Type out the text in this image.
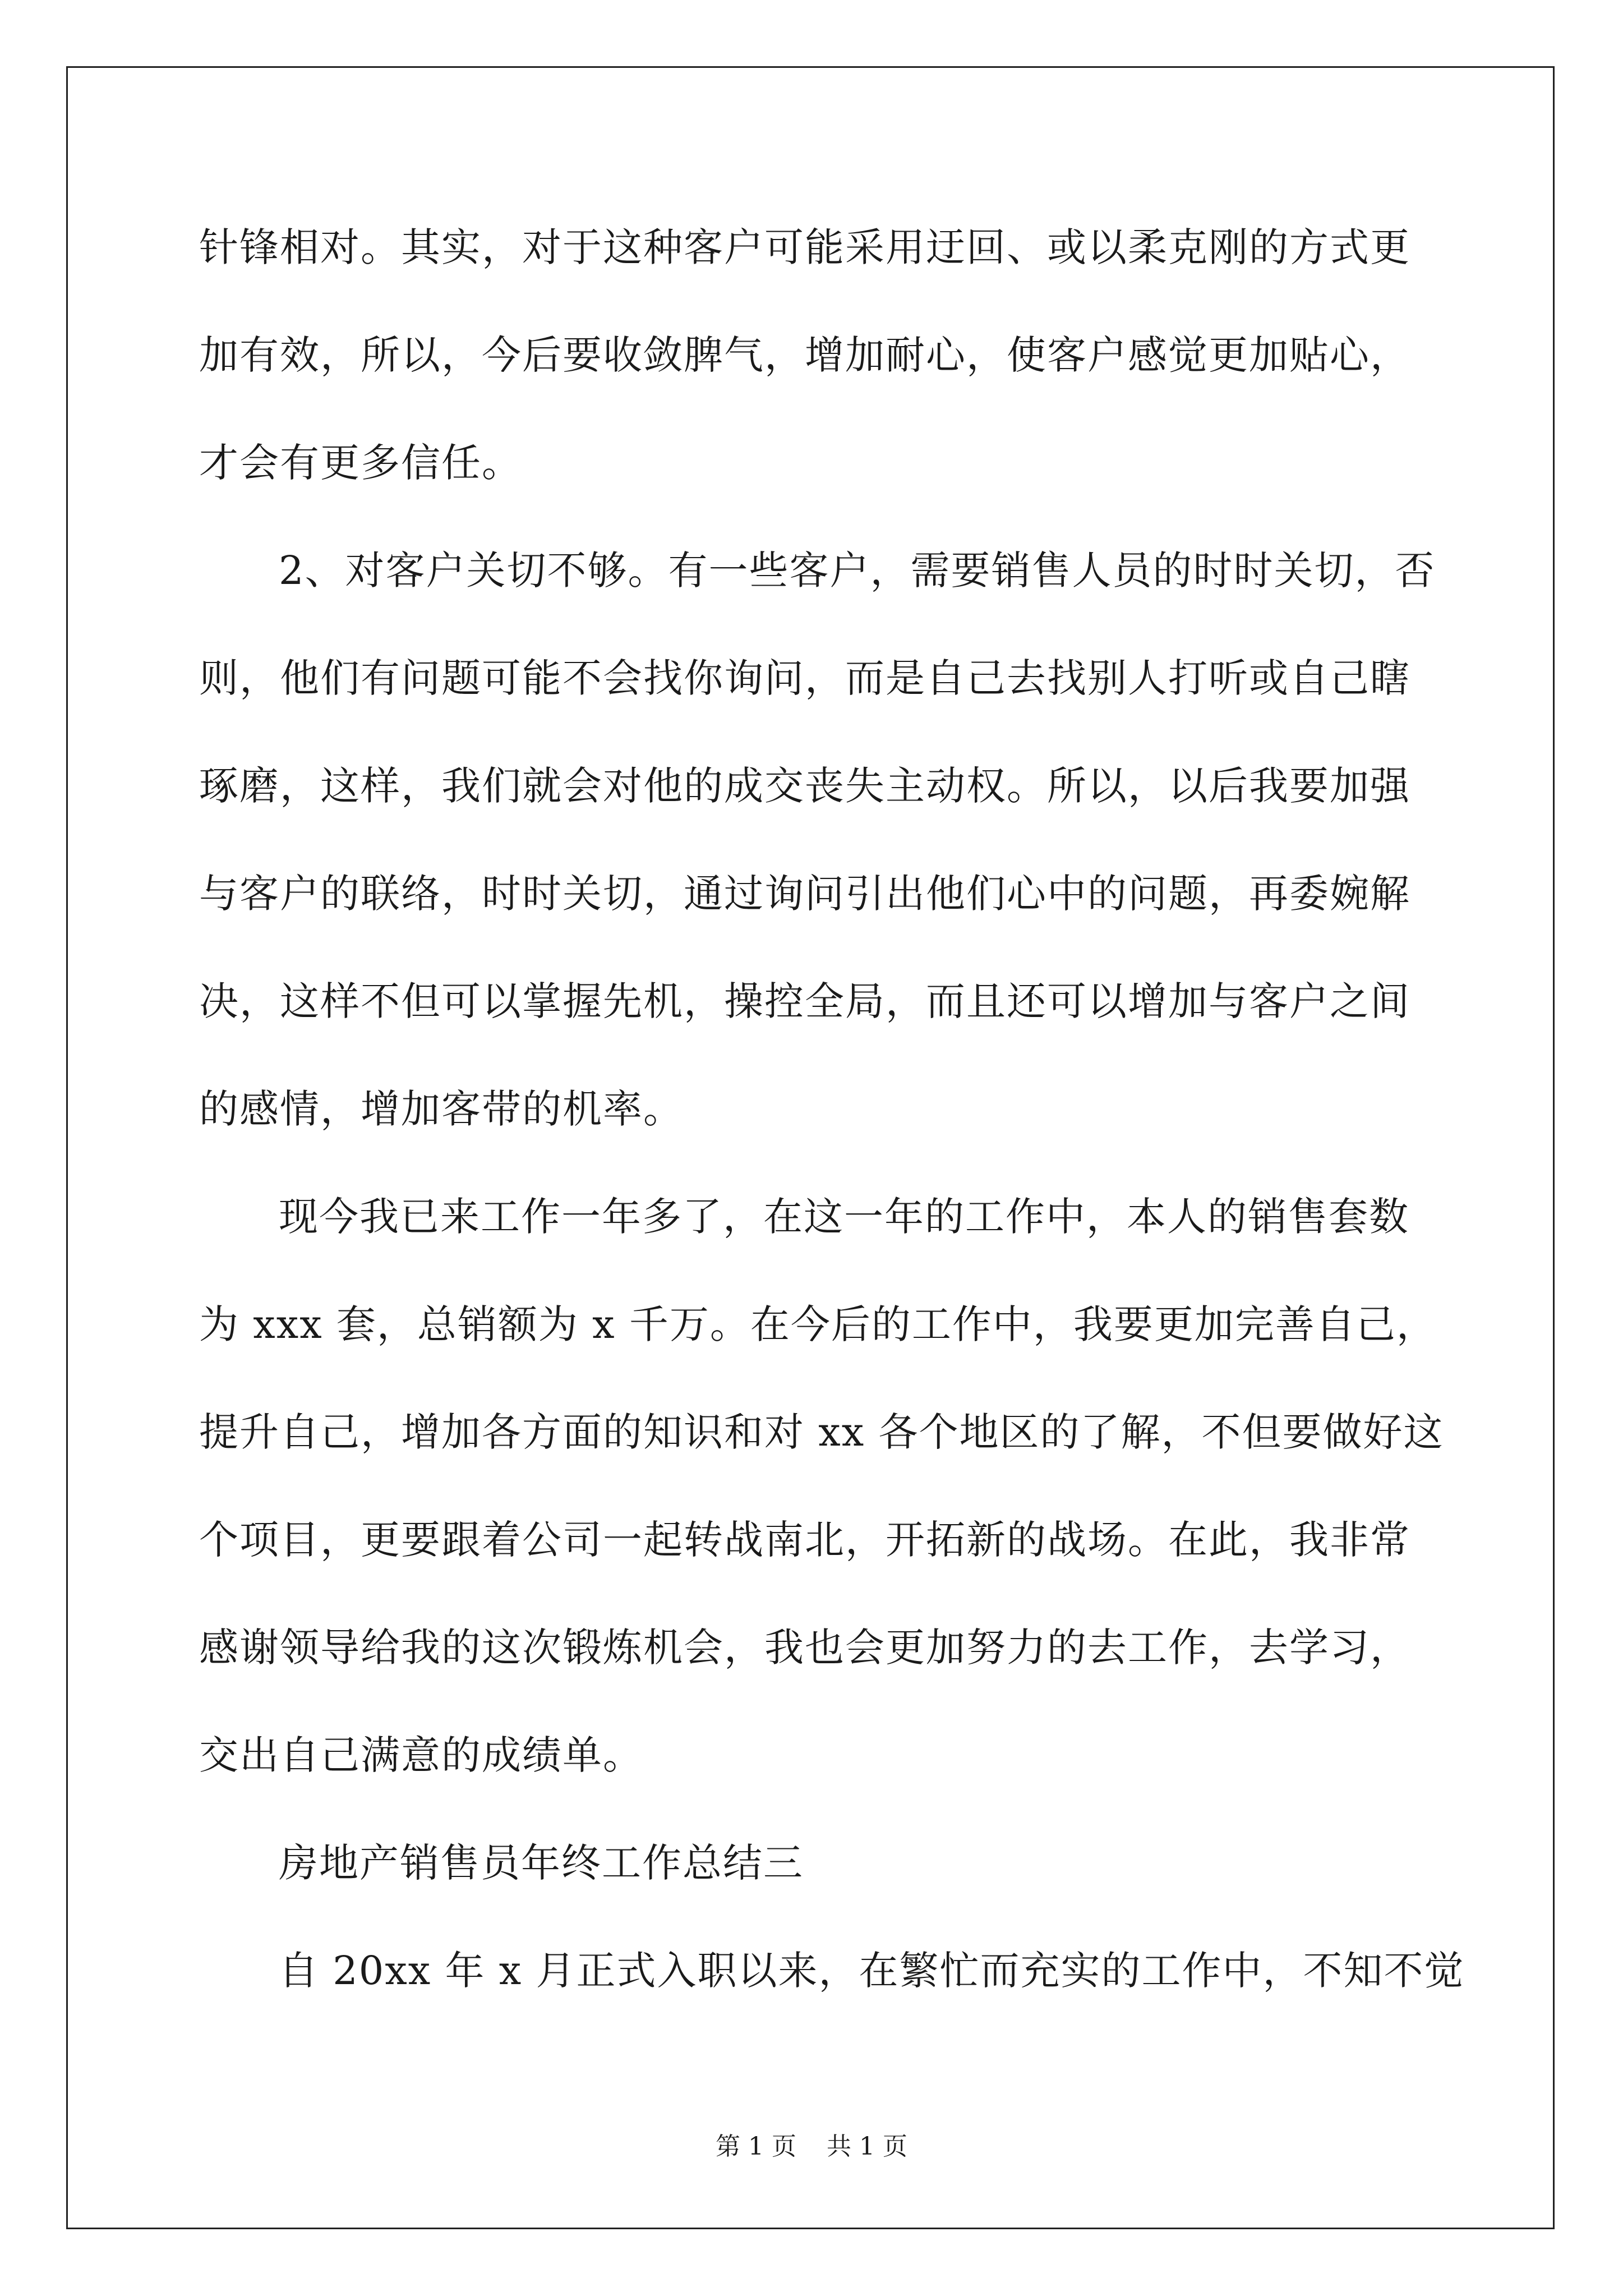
针锋相对。其实，对于这种客户可能采用迂回、或以柔克刚的方式更
加有效，所以，今后要收敛脾气，增加耐心，使客户感觉更加贴心，
才会有更多信任。
2、对客户关切不够。有一些客户，需要销售人员的时时关切，否
则，他们有问题可能不会找你询问，而是自己去找别人打听或自己瞎
琢磨，这样，我们就会对他的成交丧失主动权。所以，以后我要加强
与客户的联络，时时关切，通过询问引出他们心中的问题，再委婉解
决，这样不但可以掌握先机，操控全局，而且还可以增加与客户之间
的感情，增加客带的机率。
现今我已来工作一年多了，在这一年的工作中，本人的销售套数
为 xxx 套，总销额为 x 千万。在今后的工作中，我要更加完善自己，
提升自己，增加各方面的知识和对 xx 各个地区的了解，不但要做好这
个项目，更要跟着公司一起转战南北，开拓新的战场。在此，我非常
感谢领导给我的这次锻炼机会，我也会更加努力的去工作，去学习，
交出自己满意的成绩单。
房地产销售员年终工作总结三
自 20xx 年 x 月正式入职以来，在繁忙而充实的工作中，不知不觉
第 1 页 共 1 页
